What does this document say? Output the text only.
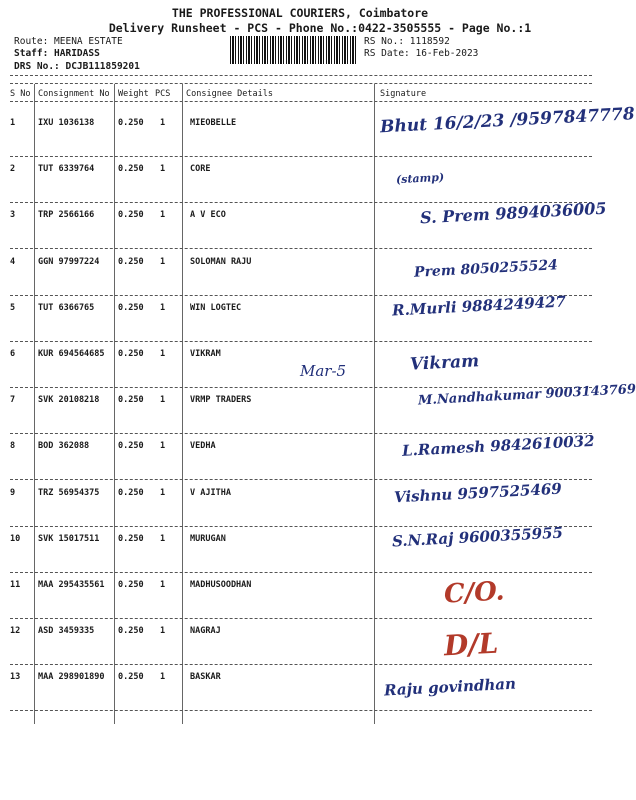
THE PROFESSIONAL COURIERS, Coimbatore
Delivery Runsheet - PCS - Phone No.:0422-3505555 - Page No.:1
Route: MEENA ESTATE
Staff: HARIDASS
DRS No.: DCJB111859201
RS No.: 1118592
RS Date: 16-Feb-2023
S No Consignment No Weight PCS Consignee Details	Signature
1	IXU 1036138	0.250 1	MIEOBELLE	Bhut 16/2/23 /9597847778
2	TUT 6339764	0.250 1	CORE
(stamp)
3	TRP 2566166	0.250 1	A V ECO	S. Prem 9894036005
4	GGN 97997224 0.250 1	SOLOMAN RAJU	Prem 8050255524
5	TUT 6366765	0.250 1	WIN LOGTEC	R.Murli 9884249427
6	KUR 694564685 0.250 1	VIKRAM	Vikram
7	SVK 20108218 0.250 1	VRMP TRADERS	M.Nandhakumar 9003143769
8	BOD 362088	0.250 1	VEDHA	L.Ramesh 9842610032
9	TRZ 56954375 0.250 1	V AJITHA	Vishnu 9597525469
10 SVK 15017511 0.250 1	MURUGAN	S.N.Raj 9600355955
11 MAA 295435561 0.250 1	MADHUSOODHAN	C/O.
12 ASD 3459335	0.250 1	NAGRAJ	D/L
13 MAA 298901890 0.250 1	BASKAR	Raju govindhan
Mar-5
